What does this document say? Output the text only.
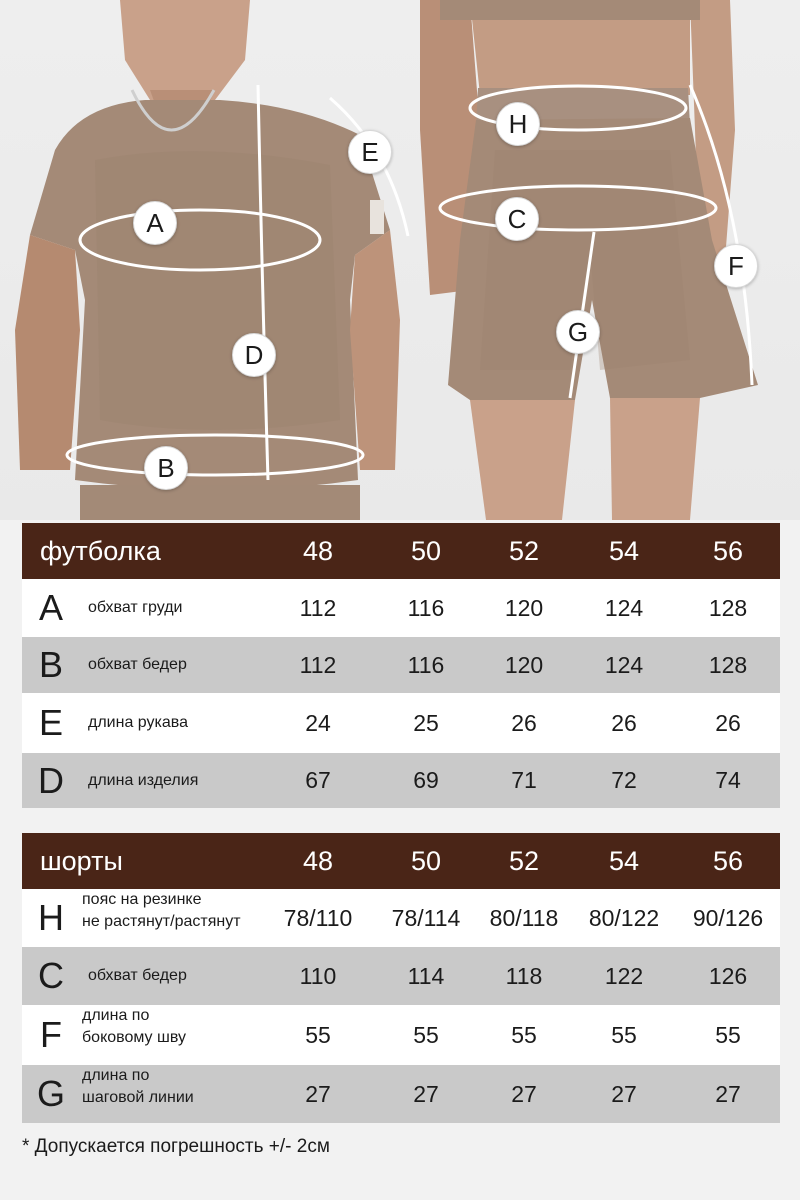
A
B
D
E
H
C
F
G
футболка	48	50	52	54	56
A	обхват груди	112	116	120	124	128
B	обхват бедер	112	116	120	124	128
E	длина рукава	24	25	26	26	26
D	длина изделия	67	69	71	72	74
шорты	48	50	52	54	56
H	пояс на резинке
не растянут/растянут	78/110	78/114	80/118	80/122	90/126
C	обхват бедер	110	114	118	122	126
F	длина по
боковому шву	55	55	55	55	55
G	длина по
шаговой линии	27	27	27	27	27
* Допускается погрешность +/- 2см
